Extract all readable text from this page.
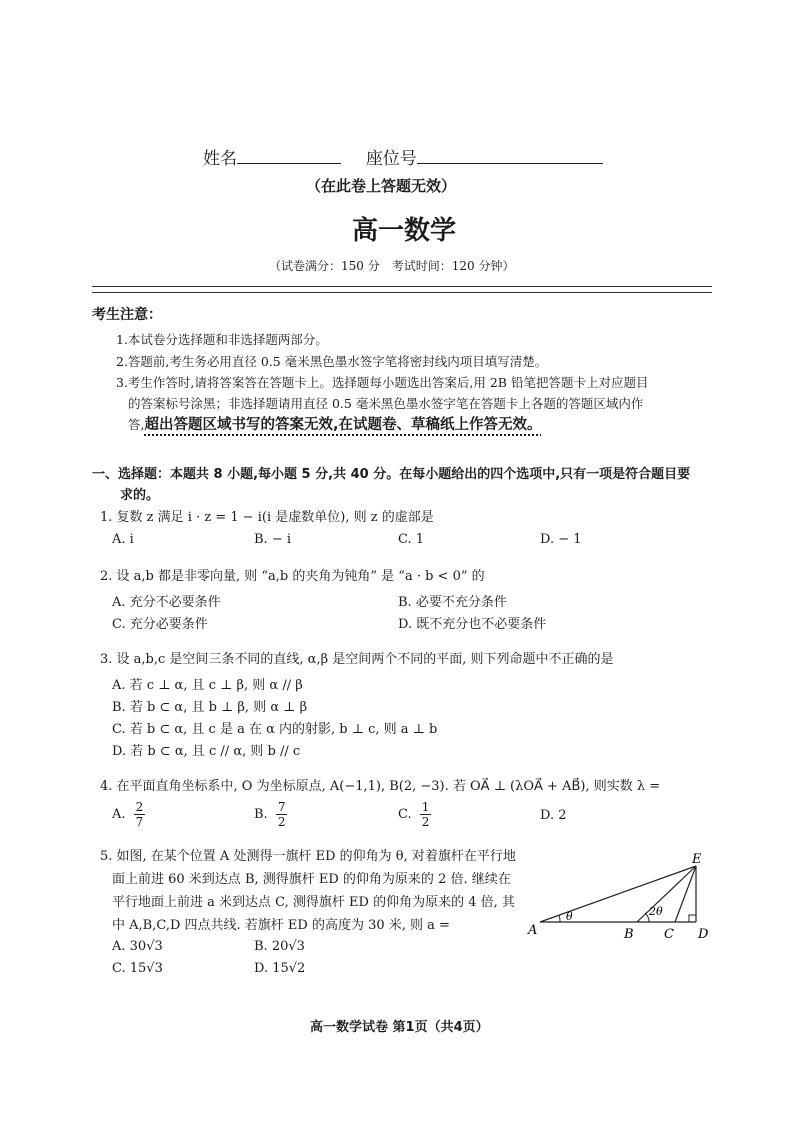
姓名	座位号
（在此卷上答题无效）
高一数学
（试卷满分：150 分　考试时间：120 分钟）
考生注意：
1.本试卷分选择题和非选择题两部分。
2.答题前,考生务必用直径 0.5 毫米黑色墨水签字笔将密封线内项目填写清楚。
3.考生作答时,请将答案答在答题卡上。选择题每小题选出答案后,用 2B 铅笔把答题卡上对应题目
的答案标号涂黑；非选择题请用直径 0.5 毫米黑色墨水签字笔在答题卡上各题的答题区域内作
答,超出答题区域书写的答案无效,在试题卷、草稿纸上作答无效。
一、选择题：本题共 8 小题,每小题 5 分,共 40 分。在每小题给出的四个选项中,只有一项是符合题目要
求的。
1. 复数 z 满足 i · z = 1 − i(i 是虚数单位), 则 z 的虚部是
A. i	B. − i	C. 1	D. − 1
2. 设 a,b 都是非零向量, 则 “a,b 的夹角为钝角” 是 “a · b < 0” 的
A. 充分不必要条件	B. 必要不充分条件
C. 充分必要条件	D. 既不充分也不必要条件
3. 设 a,b,c 是空间三条不同的直线, α,β 是空间两个不同的平面, 则下列命题中不正确的是
A. 若 c ⊥ α, 且 c ⊥ β, 则 α // β
B. 若 b ⊂ α, 且 b ⊥ β, 则 α ⊥ β
C. 若 b ⊂ α, 且 c 是 a 在 α 内的射影, b ⊥ c, 则 a ⊥ b
D. 若 b ⊂ α, 且 c // α, 则 b // c
4. 在平面直角坐标系中, O 为坐标原点, A(−1,1), B(2, −3). 若 OA⃗ ⊥ (λOA⃗ + AB⃗), 则实数 λ =
A. $\frac{2}{7}$	B. $\frac{7}{2}$	C. $\frac{1}{2}$	D. 2
5. 如图, 在某个位置 A 处测得一旗杆 ED 的仰角为 θ, 对着旗杆在平行地
面上前进 60 米到达点 B, 测得旗杆 ED 的仰角为原来的 2 倍. 继续在
平行地面上前进 a 米到达点 C, 测得旗杆 ED 的仰角为原来的 4 倍, 其
中 A,B,C,D 四点共线. 若旗杆 ED 的高度为 30 米, 则 a =
A. 30√3	B. 20√3
C. 15√3	D. 15√2
E
A	B C D
θ	2θ
高一数学试卷 第1页（共4页）
